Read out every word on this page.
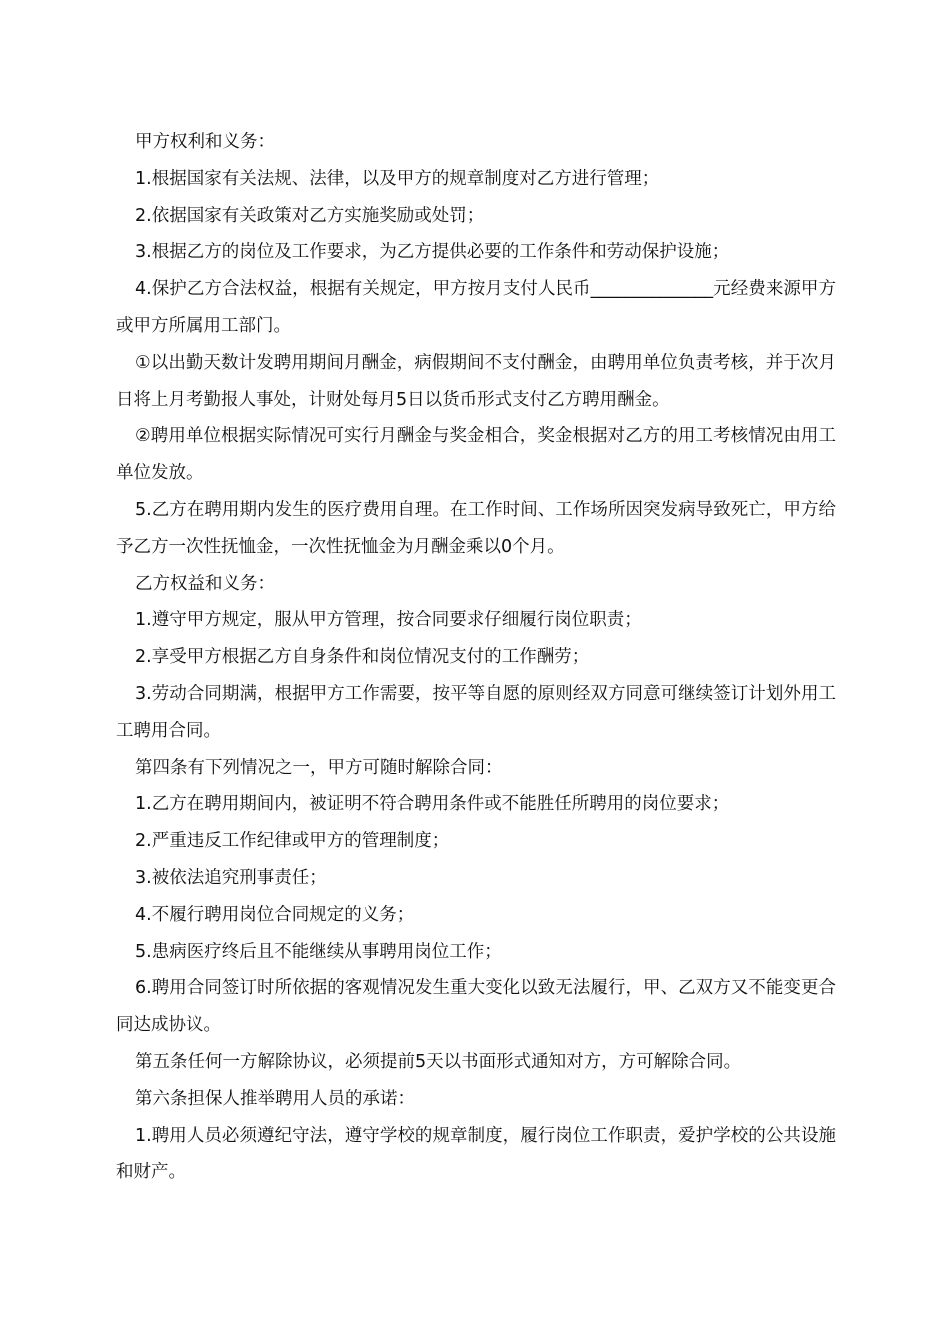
甲方权利和义务：

1.根据国家有关法规、法律，以及甲方的规章制度对乙方进行管理；

2.依据国家有关政策对乙方实施奖励或处罚；

3.根据乙方的岗位及工作要求，为乙方提供必要的工作条件和劳动保护设施；

4.保护乙方合法权益，根据有关规定，甲方按月支付人民币______________元经费来源甲方或甲方所属用工部门。

①以出勤天数计发聘用期间月酬金，病假期间不支付酬金，由聘用单位负责考核，并于次月日将上月考勤报人事处，计财处每月5日以货币形式支付乙方聘用酬金。

②聘用单位根据实际情况可实行月酬金与奖金相合，奖金根据对乙方的用工考核情况由用工单位发放。

5.乙方在聘用期内发生的医疗费用自理。在工作时间、工作场所因突发病导致死亡，甲方给予乙方一次性抚恤金，一次性抚恤金为月酬金乘以0个月。

乙方权益和义务：

1.遵守甲方规定，服从甲方管理，按合同要求仔细履行岗位职责；

2.享受甲方根据乙方自身条件和岗位情况支付的工作酬劳；

3.劳动合同期满，根据甲方工作需要，按平等自愿的原则经双方同意可继续签订计划外用工工聘用合同。

第四条有下列情况之一，甲方可随时解除合同：

1.乙方在聘用期间内，被证明不符合聘用条件或不能胜任所聘用的岗位要求；

2.严重违反工作纪律或甲方的管理制度；

3.被依法追究刑事责任；

4.不履行聘用岗位合同规定的义务；

5.患病医疗终后且不能继续从事聘用岗位工作；

6.聘用合同签订时所依据的客观情况发生重大变化以致无法履行，甲、乙双方又不能变更合同达成协议。

第五条任何一方解除协议，必须提前5天以书面形式通知对方，方可解除合同。

第六条担保人推举聘用人员的承诺：

1.聘用人员必须遵纪守法，遵守学校的规章制度，履行岗位工作职责，爱护学校的公共设施和财产。
